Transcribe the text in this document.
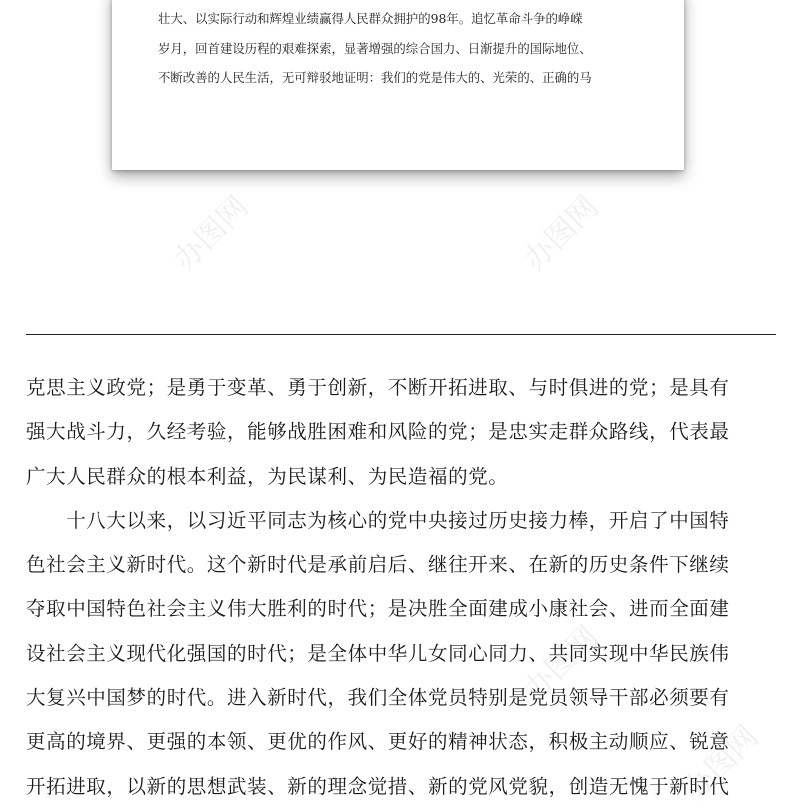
办图网	办图网
办图网
办图网
壮大、以实际行动和辉煌业绩赢得人民群众拥护的98年。追忆革命斗争的峥嵘
岁月，回首建设历程的艰难探索，显著增强的综合国力、日渐提升的国际地位、
不断改善的人民生活，无可辩驳地证明：我们的党是伟大的、光荣的、正确的马
克思主义政党；是勇于变革、勇于创新，不断开拓进取、与时俱进的党；是具有
强大战斗力，久经考验，能够战胜困难和风险的党；是忠实走群众路线，代表最
广大人民群众的根本利益，为民谋利、为民造福的党。
　　十八大以来，以习近平同志为核心的党中央接过历史接力棒，开启了中国特
色社会主义新时代。这个新时代是承前启后、继往开来、在新的历史条件下继续
夺取中国特色社会主义伟大胜利的时代；是决胜全面建成小康社会、进而全面建
设社会主义现代化强国的时代；是全体中华儿女同心同力、共同实现中华民族伟
大复兴中国梦的时代。进入新时代，我们全体党员特别是党员领导干部必须要有
更高的境界、更强的本领、更优的作风、更好的精神状态，积极主动顺应、锐意
开拓进取，以新的思想武装、新的理念觉措、新的党风党貌，创造无愧于新时代
